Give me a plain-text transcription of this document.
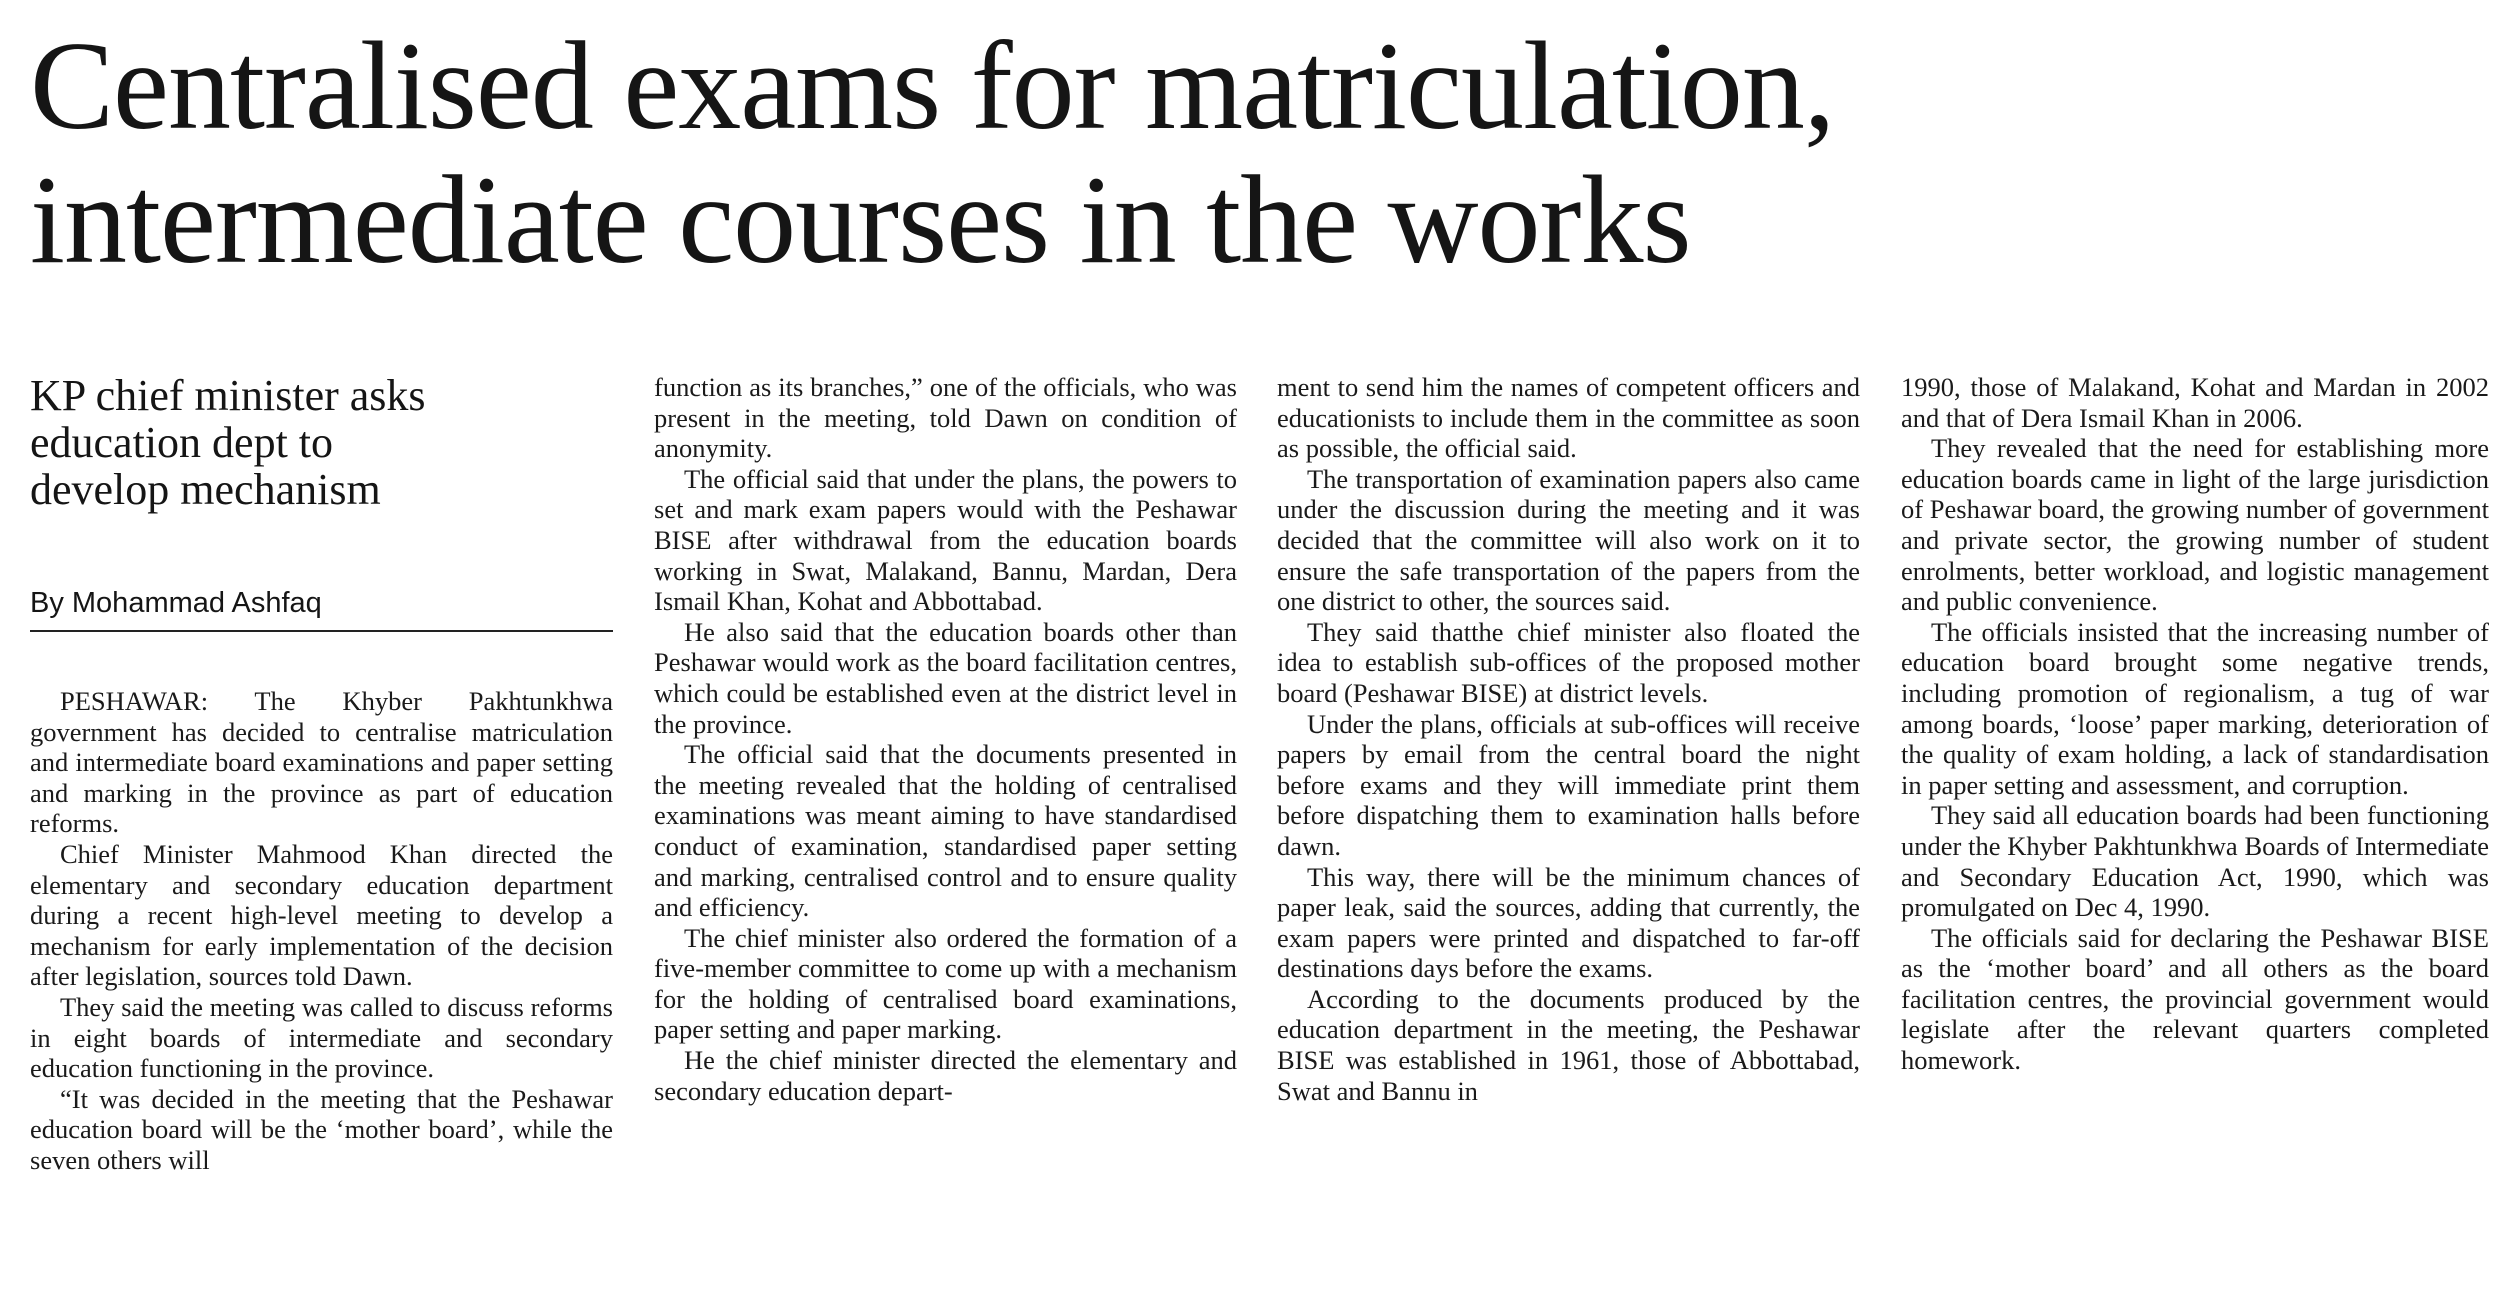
Centralised exams for matriculation,
intermediate courses in the works
KP chief minister asks
education dept to
develop mechanism
By Mohammad Ashfaq

PESHAWAR: The Khyber Pakhtunkhwa government has decided to centralise matriculation and intermediate board examinations and paper setting and marking in the province as part of education reforms.

Chief Minister Mahmood Khan directed the elementary and secondary education department during a recent high-level meeting to develop a mechanism for early implementation of the decision after legislation, sources told Dawn.

They said the meeting was called to discuss reforms in eight boards of intermediate and secondary education functioning in the province.

“It was decided in the meeting that the Peshawar education board will be the ‘mother board’, while the seven others will

function as its branches,” one of the officials, who was present in the meeting, told Dawn on condition of anonymity.

The official said that under the plans, the powers to set and mark exam papers would with the Peshawar BISE after withdrawal from the education boards working in Swat, Malakand, Bannu, Mardan, Dera Ismail Khan, Kohat and Abbottabad.

He also said that the education boards other than Peshawar would work as the board facilitation centres, which could be established even at the district level in the province.

The official said that the documents presented in the meeting revealed that the holding of centralised examinations was meant aiming to have standardised conduct of examination, standardised paper setting and marking, centralised control and to ensure quality and efficiency.

The chief minister also ordered the formation of a five-member committee to come up with a mechanism for the holding of centralised board examinations, paper setting and paper marking.

He the chief minister directed the elementary and secondary education depart-

ment to send him the names of competent officers and educationists to include them in the committee as soon as possible, the official said.

The transportation of examination papers also came under the discussion during the meeting and it was decided that the committee will also work on it to ensure the safe transportation of the papers from the one district to other, the sources said.

They said thatthe chief minister also floated the idea to establish sub-offices of the proposed mother board (Peshawar BISE) at district levels.

Under the plans, officials at sub-offices will receive papers by email from the central board the night before exams and they will immediate print them before dispatching them to examination halls before dawn.

This way, there will be the minimum chances of paper leak, said the sources, adding that currently, the exam papers were printed and dispatched to far-off destinations days before the exams.

According to the documents produced by the education department in the meeting, the Peshawar BISE was established in 1961, those of Abbottabad, Swat and Bannu in

1990, those of Malakand, Kohat and Mardan in 2002 and that of Dera Ismail Khan in 2006.

They revealed that the need for establishing more education boards came in light of the large jurisdiction of Peshawar board, the growing number of government and private sector, the growing number of student enrolments, better workload, and logistic management and public convenience.

The officials insisted that the increasing number of education board brought some negative trends, including promotion of regionalism, a tug of war among boards, ‘loose’ paper marking, deterioration of the quality of exam holding, a lack of standardisation in paper setting and assessment, and corruption.

They said all education boards had been functioning under the Khyber Pakhtunkhwa Boards of Intermediate and Secondary Education Act, 1990, which was promulgated on Dec 4, 1990.

The officials said for declaring the Peshawar BISE as the ‘mother board’ and all others as the board facilitation centres, the provincial government would legislate after the relevant quarters completed homework.
